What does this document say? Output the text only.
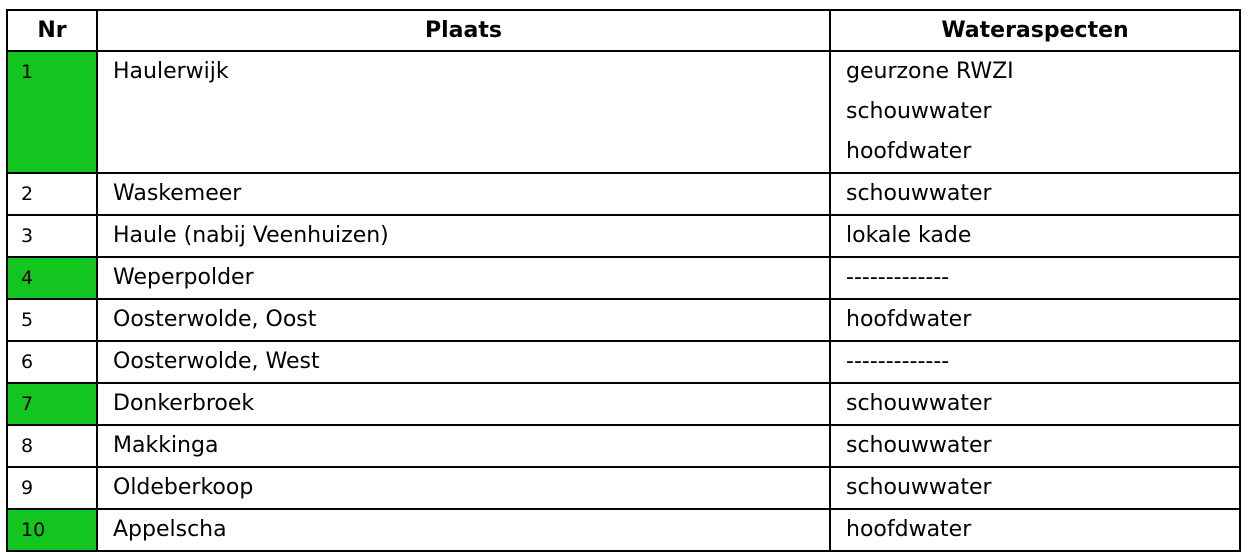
Nr	Plaats	Wateraspecten
1	Haulerwijk	geurzone RWZI
schouwwater
hoofdwater

2	Waskemeer	schouwwater
3	Haule (nabij Veenhuizen)	lokale kade
4	Weperpolder	-------------
5	Oosterwolde, Oost	hoofdwater
6	Oosterwolde, West	-------------
7	Donkerbroek	schouwwater
8	Makkinga	schouwwater
9	Oldeberkoop	schouwwater
10	Appelscha	hoofdwater
